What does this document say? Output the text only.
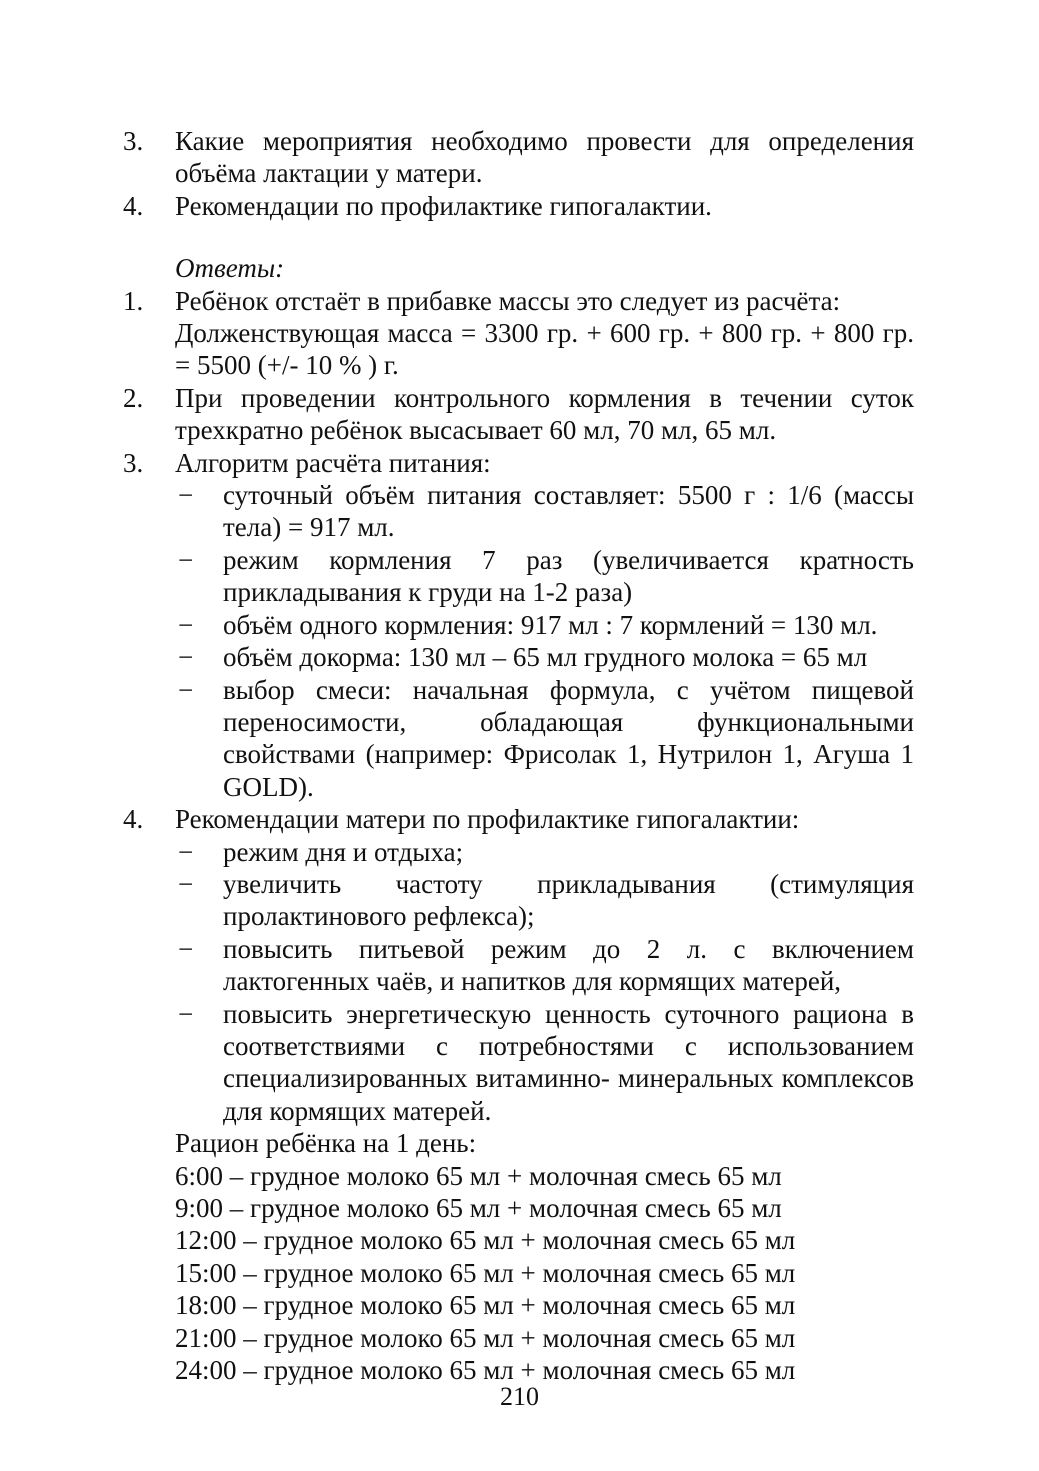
3. Какие мероприятия необходимо провести для определения объёма лактации у матери.
4. Рекомендации по профилактике гипогалактии.
Ответы:
1. Ребёнок отстаёт в прибавке массы это следует из расчёта:
Долженствующая масса = 3300 гр. + 600 гр. + 800 гр. + 800 гр. = 5500 (+/- 10 % ) г.
2. При проведении контрольного кормления в течении суток трехкратно ребёнок высасывает 60 мл, 70 мл, 65 мл.
3. Алгоритм расчёта питания:
− суточный объём питания составляет: 5500 г : 1/6 (массы тела) = 917 мл.
− режим кормления 7 раз (увеличивается кратность прикладывания к груди на 1-2 раза)
− объём одного кормления: 917 мл : 7 кормлений = 130 мл.
− объём докорма: 130 мл – 65 мл грудного молока = 65 мл
− выбор смеси: начальная формула, с учётом пищевой переносимости, обладающая функциональными свойствами (например: Фрисолак 1, Нутрилон 1, Агуша 1 GOLD).
4. Рекомендации матери по профилактике гипогалактии:
− режим дня и отдыха;
− увеличить частоту прикладывания (стимуляция пролактинового рефлекса);
− повысить питьевой режим до 2 л. с включением лактогенных чаёв, и напитков для кормящих матерей,
− повысить энергетическую ценность суточного рациона в соответствиями с потребностями с использованием специализированных витаминно- минеральных комплексов для кормящих матерей.
Рацион ребёнка на 1 день:
6:00 – грудное молоко 65 мл + молочная смесь 65 мл
9:00 – грудное молоко 65 мл + молочная смесь 65 мл
12:00 – грудное молоко 65 мл + молочная смесь 65 мл
15:00 – грудное молоко 65 мл + молочная смесь 65 мл
18:00 – грудное молоко 65 мл + молочная смесь 65 мл
21:00 – грудное молоко 65 мл + молочная смесь 65 мл
24:00 – грудное молоко 65 мл + молочная смесь 65 мл
210
